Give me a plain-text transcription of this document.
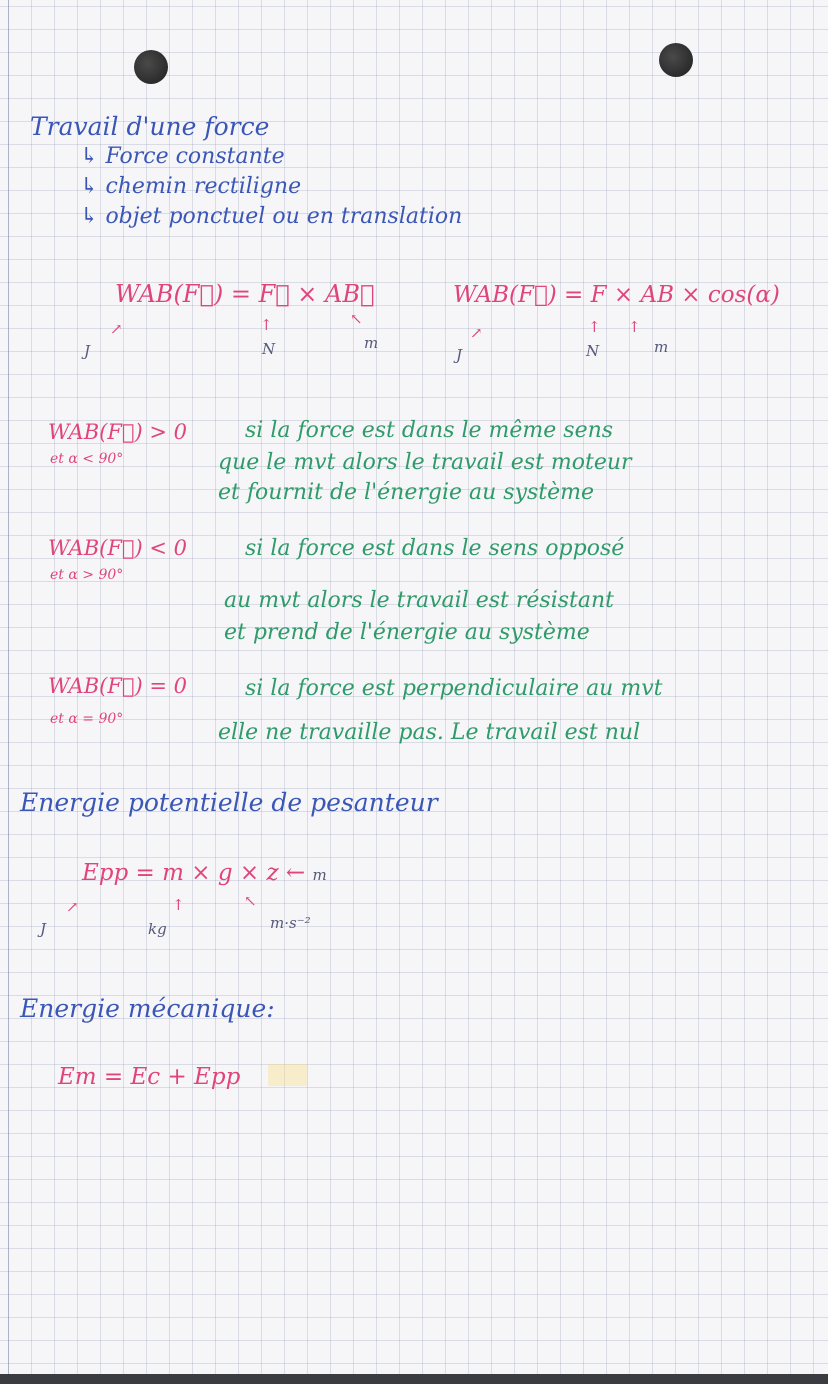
Travail d'une force
↳ Force constante
↳ chemin rectiligne
↳ objet ponctuel ou en translation
WAB(F⃗) = F⃗ × AB⃗
↗
J
↑
N
↖
m
WAB(F⃗) = F × AB × cos(α)
↗
J
↑
N
↑
m
WAB(F⃗) > 0
et α < 90°
si la force est dans le même sens
que le mvt alors le travail est moteur
et fournit de l'énergie au système
WAB(F⃗) < 0
et α > 90°
si la force est dans le sens opposé
au mvt alors le travail est résistant
et prend de l'énergie au système
WAB(F⃗) = 0
et α = 90°
si la force est perpendiculaire au mvt
elle ne travaille pas. Le travail est nul
Energie potentielle de pesanteur
Epp = m × g × z ← m
↗
J
↑
kg
↖
m·s⁻²
Energie mécanique:
Em = Ec + Epp
